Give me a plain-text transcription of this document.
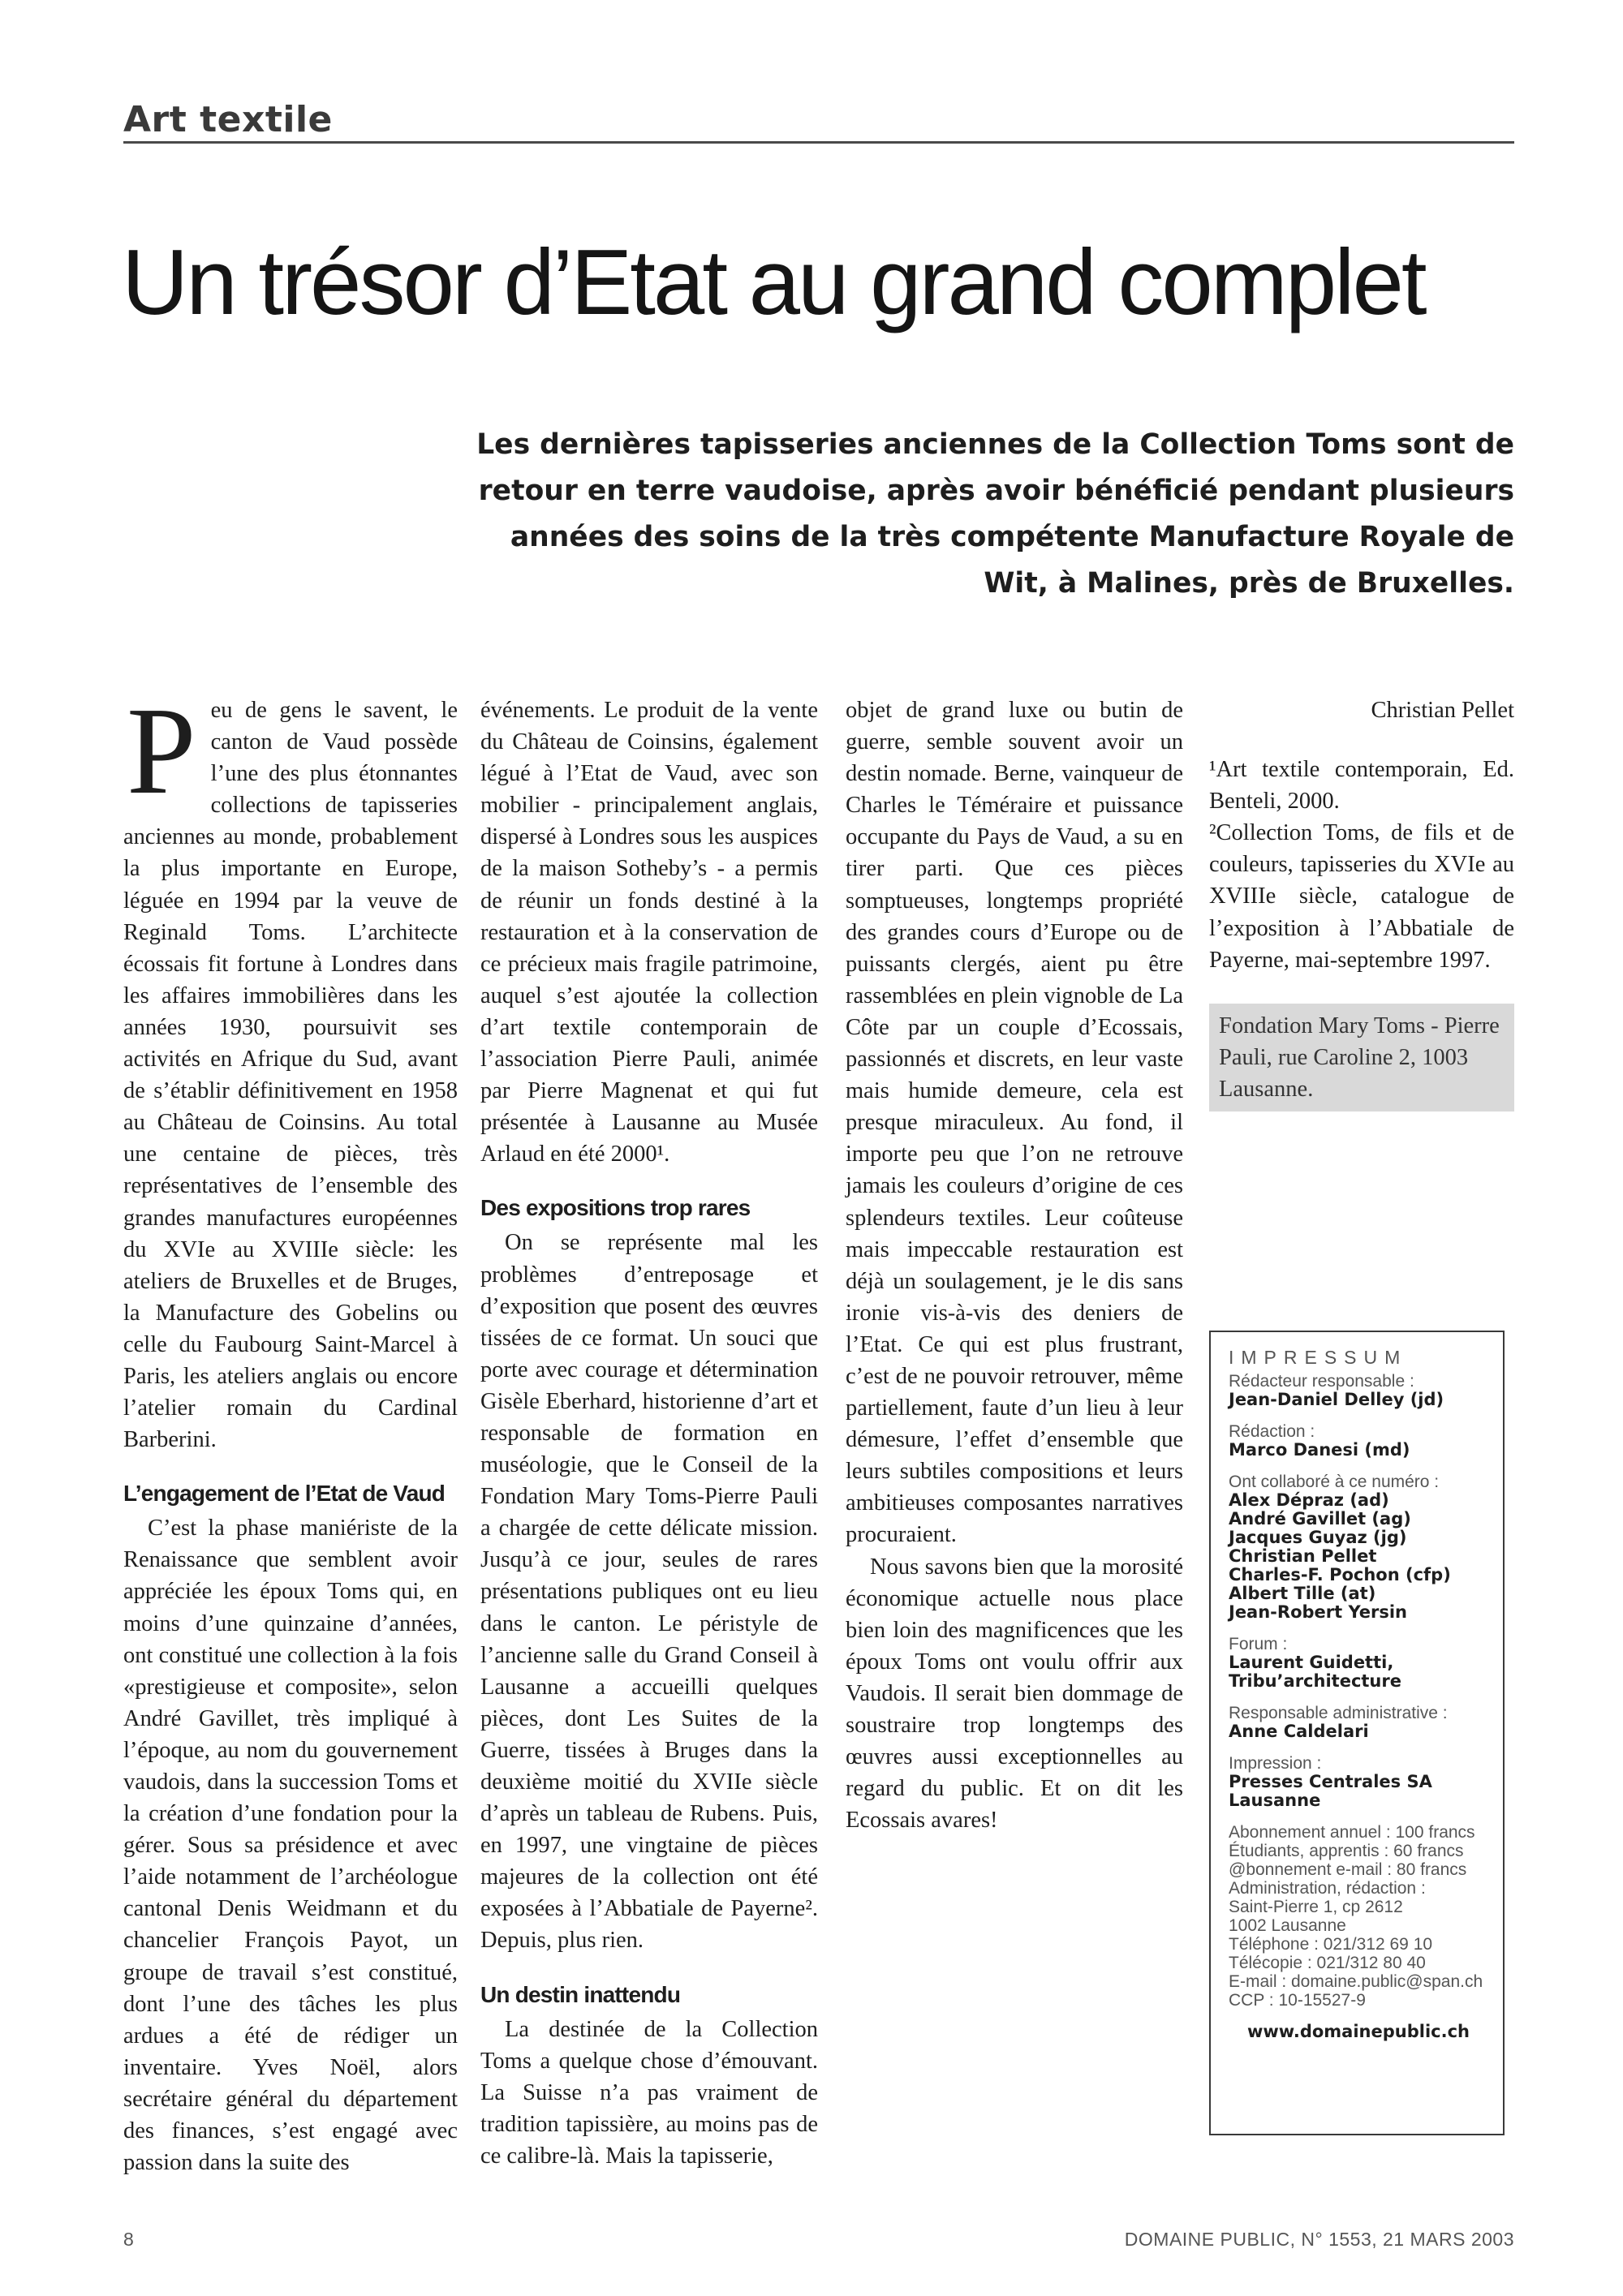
Art textile
Un trésor d’Etat au grand complet
Les dernières tapisseries anciennes de la Collection Toms sont de retour en terre vaudoise, après avoir bénéficié pendant plusieurs années des soins de la très compétente Manufacture Royale de Wit, à Malines, près de Bruxelles.

Peu de gens le savent, le canton de Vaud possède l’une des plus étonnantes collections de tapisseries anciennes au monde, probablement la plus importante en Europe, léguée en 1994 par la veuve de Reginald Toms. L’architecte écossais fit fortune à Londres dans les affaires immobilières dans les années 1930, poursuivit ses activités en Afrique du Sud, avant de s’établir définitivement en 1958 au Château de Coinsins. Au total une centaine de pièces, très représentatives de l’ensemble des grandes manufactures européennes du XVIe au XVIIIe siècle: les ateliers de Bruxelles et de Bruges, la Manufacture des Gobelins ou celle du Faubourg Saint-Marcel à Paris, les ateliers anglais ou encore l’atelier romain du Cardinal Barberini.

L’engagement de l’Etat de Vaud

C’est la phase maniériste de la Renaissance que semblent avoir appréciée les époux Toms qui, en moins d’une quinzaine d’années, ont constitué une collection à la fois «prestigieuse et composite», selon André Gavillet, très impliqué à l’époque, au nom du gouvernement vaudois, dans la succession Toms et la création d’une fondation pour la gérer. Sous sa présidence et avec l’aide notamment de l’archéologue cantonal Denis Weidmann et du chancelier François Payot, un groupe de travail s’est constitué, dont l’une des tâches les plus ardues a été de rédiger un inventaire. Yves Noël, alors secrétaire général du département des finances, s’est engagé avec passion dans la suite des

événements. Le produit de la vente du Château de Coinsins, également légué à l’Etat de Vaud, avec son mobilier - principalement anglais, dispersé à Londres sous les auspices de la maison Sotheby’s - a permis de réunir un fonds destiné à la restauration et à la conservation de ce précieux mais fragile patrimoine, auquel s’est ajoutée la collection d’art textile contemporain de l’association Pierre Pauli, animée par Pierre Magnenat et qui fut présentée à Lausanne au Musée Arlaud en été 2000¹.

Des expositions trop rares

On se représente mal les problèmes d’entreposage et d’exposition que posent des œuvres tissées de ce format. Un souci que porte avec courage et détermination Gisèle Eberhard, historienne d’art et responsable de formation en muséologie, que le Conseil de la Fondation Mary Toms-Pierre Pauli a chargée de cette délicate mission. Jusqu’à ce jour, seules de rares présentations publiques ont eu lieu dans le canton. Le péristyle de l’ancienne salle du Grand Conseil à Lausanne a accueilli quelques pièces, dont Les Suites de la Guerre, tissées à Bruges dans la deuxième moitié du XVIIe siècle d’après un tableau de Rubens. Puis, en 1997, une vingtaine de pièces majeures de la collection ont été exposées à l’Abbatiale de Payerne². Depuis, plus rien.

Un destin inattendu

La destinée de la Collection Toms a quelque chose d’émouvant. La Suisse n’a pas vraiment de tradition tapissière, au moins pas de ce calibre-là. Mais la tapisserie,

objet de grand luxe ou butin de guerre, semble souvent avoir un destin nomade. Berne, vainqueur de Charles le Téméraire et puissance occupante du Pays de Vaud, a su en tirer parti. Que ces pièces somptueuses, longtemps propriété des grandes cours d’Europe ou de puissants clergés, aient pu être rassemblées en plein vignoble de La Côte par un couple d’Ecossais, passionnés et discrets, en leur vaste mais humide demeure, cela est presque miraculeux. Au fond, il importe peu que l’on ne retrouve jamais les couleurs d’origine de ces splendeurs textiles. Leur coûteuse mais impeccable restauration est déjà un soulagement, je le dis sans ironie vis-à-vis des deniers de l’Etat. Ce qui est plus frustrant, c’est de ne pouvoir retrouver, même partiellement, faute d’un lieu à leur démesure, l’effet d’ensemble que leurs subtiles compositions et leurs ambitieuses composantes narratives procuraient.

Nous savons bien que la morosité économique actuelle nous place bien loin des magnificences que les époux Toms ont voulu offrir aux Vaudois. Il serait bien dommage de soustraire trop longtemps des œuvres aussi exceptionnelles au regard du public. Et on dit les Ecossais avares!

Christian Pellet

¹Art textile contemporain, Ed. Benteli, 2000.

²Collection Toms, de fils et de couleurs, tapisseries du XVIe au XVIIIe siècle, catalogue de l’exposition à l’Abbatiale de Payerne, mai-septembre 1997.

Fondation Mary Toms - Pierre Pauli, rue Caroline 2, 1003 Lausanne.
IMPRESSUM
Rédacteur responsable :
Jean-Daniel Delley (jd)
Rédaction :
Marco Danesi (md)
Ont collaboré à ce numéro :
Alex Dépraz (ad)
André Gavillet (ag)
Jacques Guyaz (jg)
Christian Pellet
Charles-F. Pochon (cfp)
Albert Tille (at)
Jean-Robert Yersin
Forum :
Laurent Guidetti,
Tribu’architecture
Responsable administrative :
Anne Caldelari
Impression :
Presses Centrales SA
Lausanne
Abonnement annuel : 100 francs
Étudiants, apprentis : 60 francs
@bonnement e-mail : 80 francs
Administration, rédaction :
Saint-Pierre 1, cp 2612
1002 Lausanne
Téléphone : 021/312 69 10
Télécopie : 021/312 80 40
E-mail : domaine.public@span.ch
CCP : 10-15527-9
www.domainepublic.ch
8	DOMAINE PUBLIC, N° 1553, 21 MARS 2003
